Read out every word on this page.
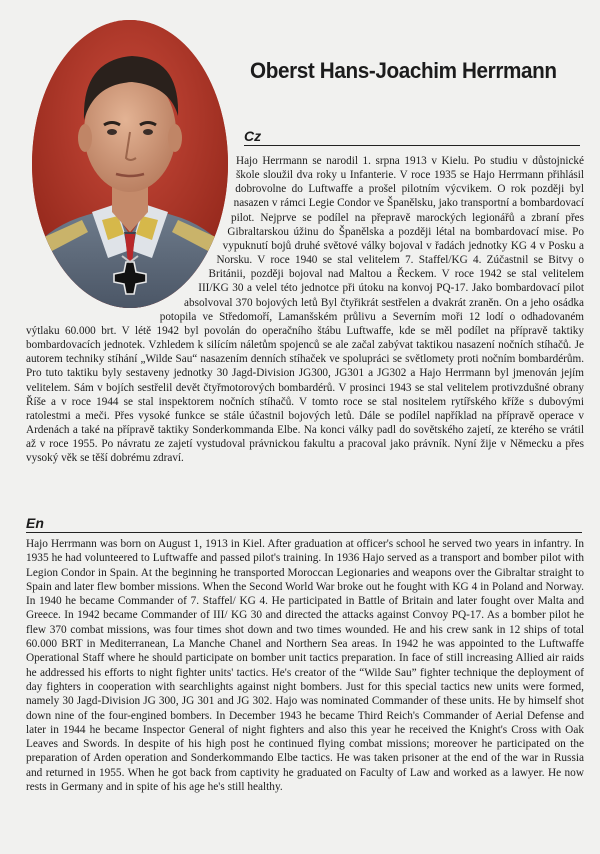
Oberst Hans-Joachim Herrmann
Cz

Hajo Herrmann se narodil 1. srpna 1913 v Kielu. Po studiu v důstojnické škole sloužil dva roky u Infanterie. V roce 1935 se Hajo Herrmann přihlásil dobrovolne do Luftwaffe a prošel pilotním výcvikem. O rok později byl nasazen v rámci Legie Condor ve Španělsku, jako transportní a bombardovací pilot. Nejprve se podílel na přepravě marockých legionářů a zbraní přes Gibraltarskou úžinu do Španělska a později létal na bombardovací mise. Po vypuknutí bojů druhé světové války bojoval v řadách jednotky KG 4 v Posku a Norsku. V roce 1940 se stal velitelem 7. Staffel/KG 4. Zúčastnil se Bitvy o Británii, později bojoval nad Maltou a Řeckem. V roce 1942 se stal velitelem III/KG 30 a velel této jednotce při útoku na konvoj PQ-17. Jako bombardovací pilot absolvoval 370 bojových letů Byl čtyřikrát sestřelen a dvakrát zraněn. On a jeho osádka potopila ve Středomoří, Lamanšském průlivu a Severním moři 12 lodí o odhadovaném výtlaku 60.000 brt. V létě 1942 byl povolán do operačního štábu Luftwaffe, kde se měl podílet na přípravě taktiky bombardovacích jednotek. Vzhledem k silícím náletům spojenců se ale začal zabývat taktikou nasazení nočních stíhačů. Je autorem techniky stíhání „Wilde Sau“ nasazením denních stíhaček ve spolupráci se světlomety proti nočním bombardérům. Pro tuto taktiku byly sestaveny jednotky 30 Jagd-Division JG300, JG301 a JG302 a Hajo Herrmann byl jmenován jejím velitelem. Sám v bojích sestřelil devět čtyřmotorových bombardérů. V prosinci 1943 se stal velitelem protivzdušné obrany Říše a v roce 1944 se stal inspektorem nočních stíhačů. V tomto roce se stal nositelem rytířského kříže s dubovými ratolestmi a meči. Přes vysoké funkce se stále účastnil bojových letů. Dále se podílel například na přípravě operace v Ardenách a také na přípravě taktiky Sonderkommanda Elbe. Na konci války padl do sovětského zajetí, ze kterého se vrátil až v roce 1955. Po návratu ze zajetí vystudoval právnickou fakultu a pracoval jako právník. Nyní žije v Německu a přes vysoký věk se těší dobrému zdraví.

En

Hajo Herrmann was born on August 1, 1913 in Kiel. After graduation at officer's school he served two years in infantry. In 1935 he had volunteered to Luftwaffe and passed pilot's training. In 1936 Hajo served as a transport and bomber pilot with Legion Condor in Spain. At the beginning he transported Moroccan Legionaries and weapons over the Gibraltar straight to Spain and later flew bomber missions. When the Second World War broke out he fought with KG 4 in Poland and Norway. In 1940 he became Commander of 7. Staffel/ KG 4. He participated in Battle of Britain and later fought over Malta and Greece. In 1942 became Commander of III/ KG 30 and directed the attacks against Convoy PQ-17. As a bomber pilot he flew 370 combat missions, was four times shot down and two times wounded. He and his crew sank in 12 ships of total 60.000 BRT in Mediterranean, La Manche Chanel and Northern Sea areas. In 1942 he was appointed to the Luftwaffe Operational Staff where he should participate on bomber unit tactics preparation. In face of still increasing Allied air raids he addressed his efforts to night fighter units' tactics. He's creator of the “Wilde Sau” fighter technique the deployment of day fighters in cooperation with searchlights against night bombers. Just for this special tactics new units were formed, namely 30 Jagd-Division JG 300, JG 301 and JG 302. Hajo was nominated Commander of these units. He by himself shot down nine of the four-engined bombers. In December 1943 he became Third Reich's Commander of Aerial Defense and later in 1944 he became Inspector General of night fighters and also this year he received the Knight's Cross with Oak Leaves and Swords. In despite of his high post he continued flying combat missions; moreover he participated on the preparation of Arden operation and Sonderkommando Elbe tactics. He was taken prisoner at the end of the war in Russia and returned in 1955. When he got back from captivity he graduated on Faculty of Law and worked as a lawyer. He now rests in Germany and in spite of his age he's still healthy.
